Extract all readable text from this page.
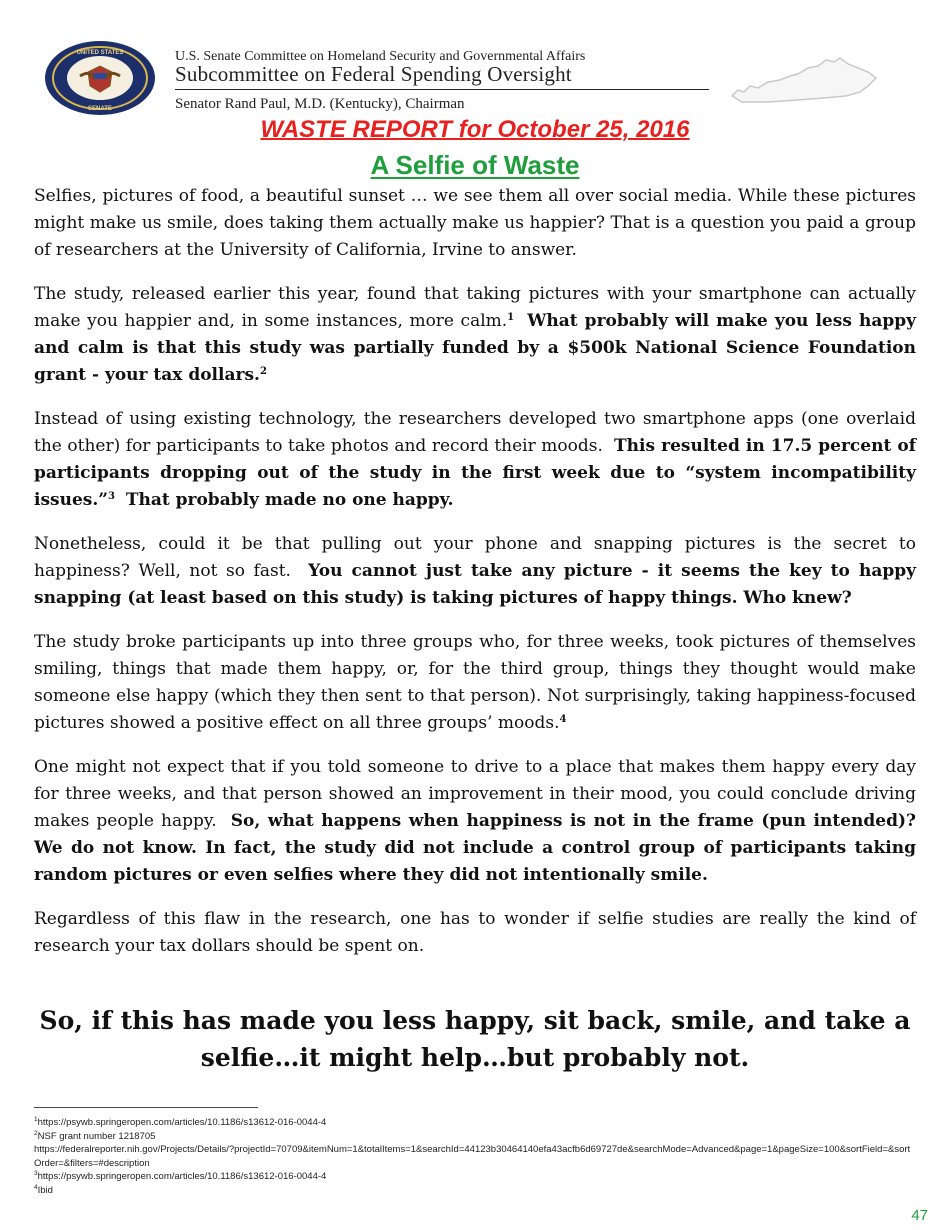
UNITED STATES
SENATE
U.S. Senate Committee on Homeland Security and Governmental Affairs
Subcommittee on Federal Spending Oversight
Senator Rand Paul, M.D. (Kentucky), Chairman
WASTE REPORT for October 25, 2016
A Selfie of Waste

Selfies, pictures of food, a beautiful sunset … we see them all over social media. While these pictures might make us smile, does taking them actually make us happier? That is a question you paid a group of researchers at the University of California, Irvine to answer.

The study, released earlier this year, found that taking pictures with your smartphone can actually make you happier and, in some instances, more calm.$^1$ What probably will make you less happy and calm is that this study was partially funded by a $500k National Science Foundation grant - your tax dollars.$^2$

Instead of using existing technology, the researchers developed two smartphone apps (one overlaid the other) for participants to take photos and record their moods. This resulted in 17.5 percent of participants dropping out of the study in the first week due to “system incompatibility issues.”$^3$ That probably made no one happy.

Nonetheless, could it be that pulling out your phone and snapping pictures is the secret to happiness? Well, not so fast. You cannot just take any picture - it seems the key to happy snapping (at least based on this study) is taking pictures of happy things. Who knew?

The study broke participants up into three groups who, for three weeks, took pictures of themselves smiling, things that made them happy, or, for the third group, things they thought would make someone else happy (which they then sent to that person). Not surprisingly, taking happiness-focused pictures showed a positive effect on all three groups’ moods.$^4$

One might not expect that if you told someone to drive to a place that makes them happy every day for three weeks, and that person showed an improvement in their mood, you could conclude driving makes people happy. So, what happens when happiness is not in the frame (pun intended)? We do not know. In fact, the study did not include a control group of participants taking random pictures or even selfies where they did not intentionally smile.

Regardless of this flaw in the research, one has to wonder if selfie studies are really the kind of research your tax dollars should be spent on.

So, if this has made you less happy, sit back, smile, and take a selfie…it might help…but probably not.
$^1$https://psywb.springeropen.com/articles/10.1186/s13612-016-0044-4
$^2$NSF grant number 1218705
https://federalreporter.nih.gov/Projects/Details/?projectId=70709&itemNum=1&totalItems=1&searchId=44123b30464140efa43acfb6d69727de&searchMode=Advanced&page=1&pageSize=100&sortField=&sortOrder=&filters=#description
$^3$https://psywb.springeropen.com/articles/10.1186/s13612-016-0044-4
$^4$Ibid
47
